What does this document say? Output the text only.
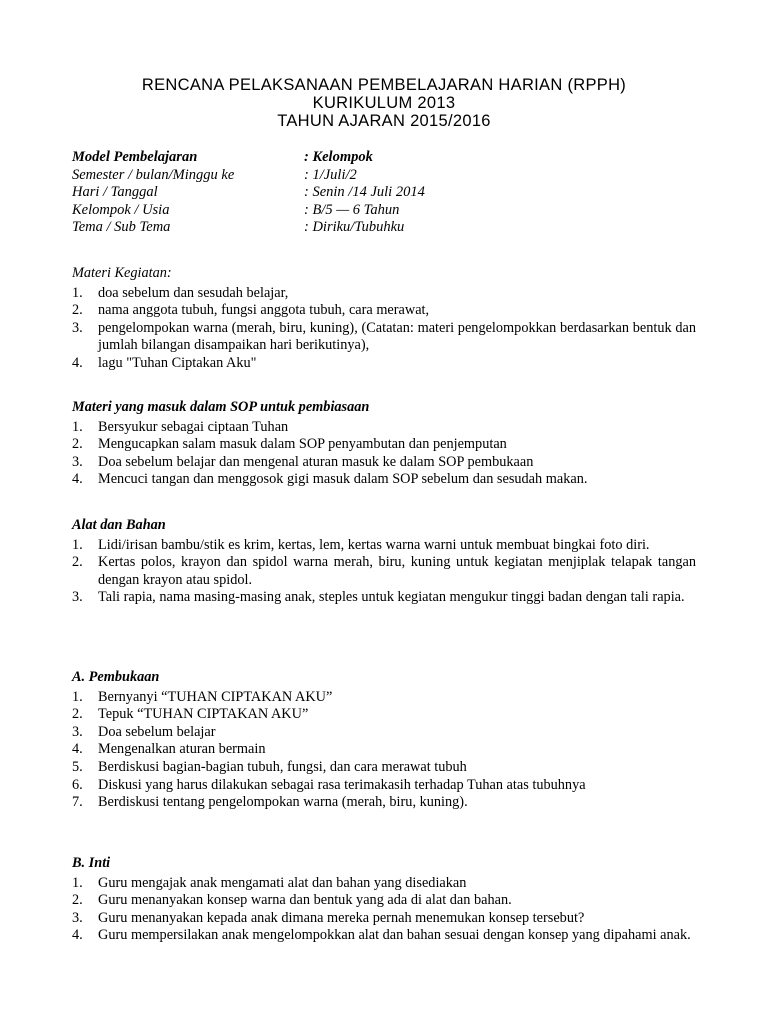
RENCANA PELAKSANAAN PEMBELAJARAN HARIAN (RPPH)
KURIKULUM 2013
TAHUN AJARAN 2015/2016
Model Pembelajaran	: Kelompok
Semester / bulan/Minggu ke	: 1/Juli/2
Hari / Tanggal	: Senin /14 Juli 2014
Kelompok / Usia	: B/5 — 6 Tahun
Tema / Sub Tema	: Diriku/Tubuhku
Materi Kegiatan:
1.	doa sebelum dan sesudah belajar,
2.	nama anggota tubuh, fungsi anggota tubuh, cara merawat,
3.	pengelompokan warna (merah, biru, kuning), (Catatan: materi pengelompokkan berdasarkan bentuk dan jumlah bilangan disampaikan hari berikutinya),
4.	lagu "Tuhan Ciptakan Aku"
Materi yang masuk dalam SOP untuk pembiasaan
1.	Bersyukur sebagai ciptaan Tuhan
2.	Mengucapkan salam masuk dalam SOP penyambutan dan penjemputan
3.	Doa sebelum belajar dan mengenal aturan masuk ke dalam SOP pembukaan
4.	Mencuci tangan dan menggosok gigi masuk dalam SOP sebelum dan sesudah makan.
Alat dan Bahan
1.	Lidi/irisan bambu/stik es krim, kertas, lem, kertas warna warni untuk membuat bingkai foto diri.
2.	Kertas polos, krayon dan spidol warna merah, biru, kuning untuk kegiatan menjiplak telapak tangan dengan krayon atau spidol.
3.	Tali rapia, nama masing-masing anak, steples untuk kegiatan mengukur tinggi badan dengan tali rapia.
A. Pembukaan
1.	Bernyanyi “TUHAN CIPTAKAN AKU”
2.	Tepuk “TUHAN CIPTAKAN AKU”
3.	Doa sebelum belajar
4.	Mengenalkan aturan bermain
5.	Berdiskusi bagian-bagian tubuh, fungsi, dan cara merawat tubuh
6.	Diskusi yang harus dilakukan sebagai rasa terimakasih terhadap Tuhan atas tubuhnya
7.	Berdiskusi tentang pengelompokan warna (merah, biru, kuning).
B. Inti
1.	Guru mengajak anak mengamati alat dan bahan yang disediakan
2.	Guru menanyakan konsep warna dan bentuk yang ada di alat dan bahan.
3.	Guru menanyakan kepada anak dimana mereka pernah menemukan konsep tersebut?
4.	Guru mempersilakan anak mengelompokkan alat dan bahan sesuai dengan konsep yang dipahami anak.
